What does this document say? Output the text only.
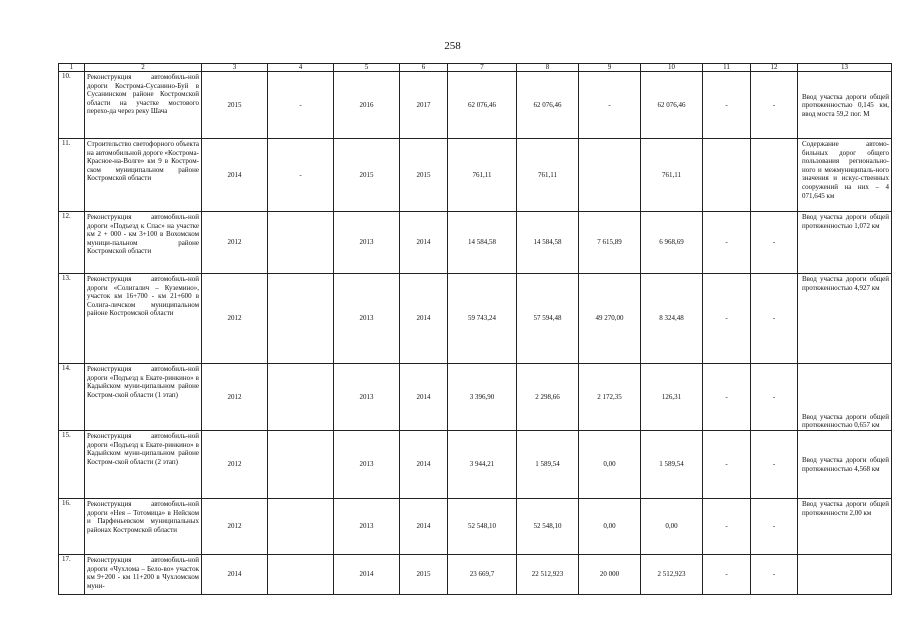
258
1	2	3	4	5	6	7	8	9	10	11	12	13
10.	Реконструкция автомобиль-ной дороги Кострома-Сусанино-Буй в Сусанинском районе Костромской области на участке мостового перехо-да через реку Шача	2015	-	2016	2017	62 076,46	62 076,46	-	62 076,46	-	-	Ввод участка дороги общей протяженностью 0,145 км, ввод моста 59,2 пог. М
11.	Строительство светофорного объекта на автомобильной дороге «Кострома-Красное-на-Волге» км 9 в Костром-ском муниципальном районе Костромской области	2014	-	2015	2015	761,11	761,11		761,11			Содержание автомо-бильных дорог общего пользования регионально-ного и межмуниципаль-ного значения и искус-ственных сооружений на них – 4 071,645 км
12.	Реконструкция автомобиль-ной дороги «Подъезд к Спас» на участке км 2 + 000 - км 3+100 в Вохомском муници-пальном районе Костромской области	2012		2013	2014	14 584,58	14 584,58	7 615,89	6 968,69	-	-	Ввод участка дороги общей протяженностью 1,072 км
13.	Реконструкция автомобиль-ной дороги «Солигалич – Куземино», участок км 16+700 - км 21+600 в Солига-личском муниципальном районе Костромской области	2012		2013	2014	59 743,24	57 594,48	49 270,00	8 324,48	-	-	Ввод участка дороги общей протяженностью 4,927 км
14.	Реконструкция автомобиль-ной дороги «Подъезд к Екате-ринкино» в Кадыйском муни-ципальном районе Костром-ской области (1 этап)	2012		2013	2014	3 396,90	2 298,66	2 172,35	126,31	-	-	Ввод участка дороги общей протяженностью 0,657 км
15.	Реконструкция автомобиль-ной дороги «Подъезд к Екате-ринкино» в Кадыйском муни-ципальном районе Костром-ской области (2 этап)	2012		2013	2014	3 944,21	1 589,54	0,00	1 589,54	-	-	Ввод участка дороги общей протяженностью 4,568 км
16.	Реконструкция автомобиль-ной дороги «Нея – Тотомица» в Нейском и Парфеньевском муниципальных районах Костромской области	2012		2013	2014	52 548,10	52 548,10	0,00	0,00	-	-	Ввод участка дороги общей протяженности 2,00 км
17.	Реконструкция автомобиль-ной дороги «Чухлома – Бело-во» участок км 9+200 - км 11+200 в Чухломском муни-	2014		2014	2015	23 669,7	22 512,923	20 000	2 512,923	-	-	
